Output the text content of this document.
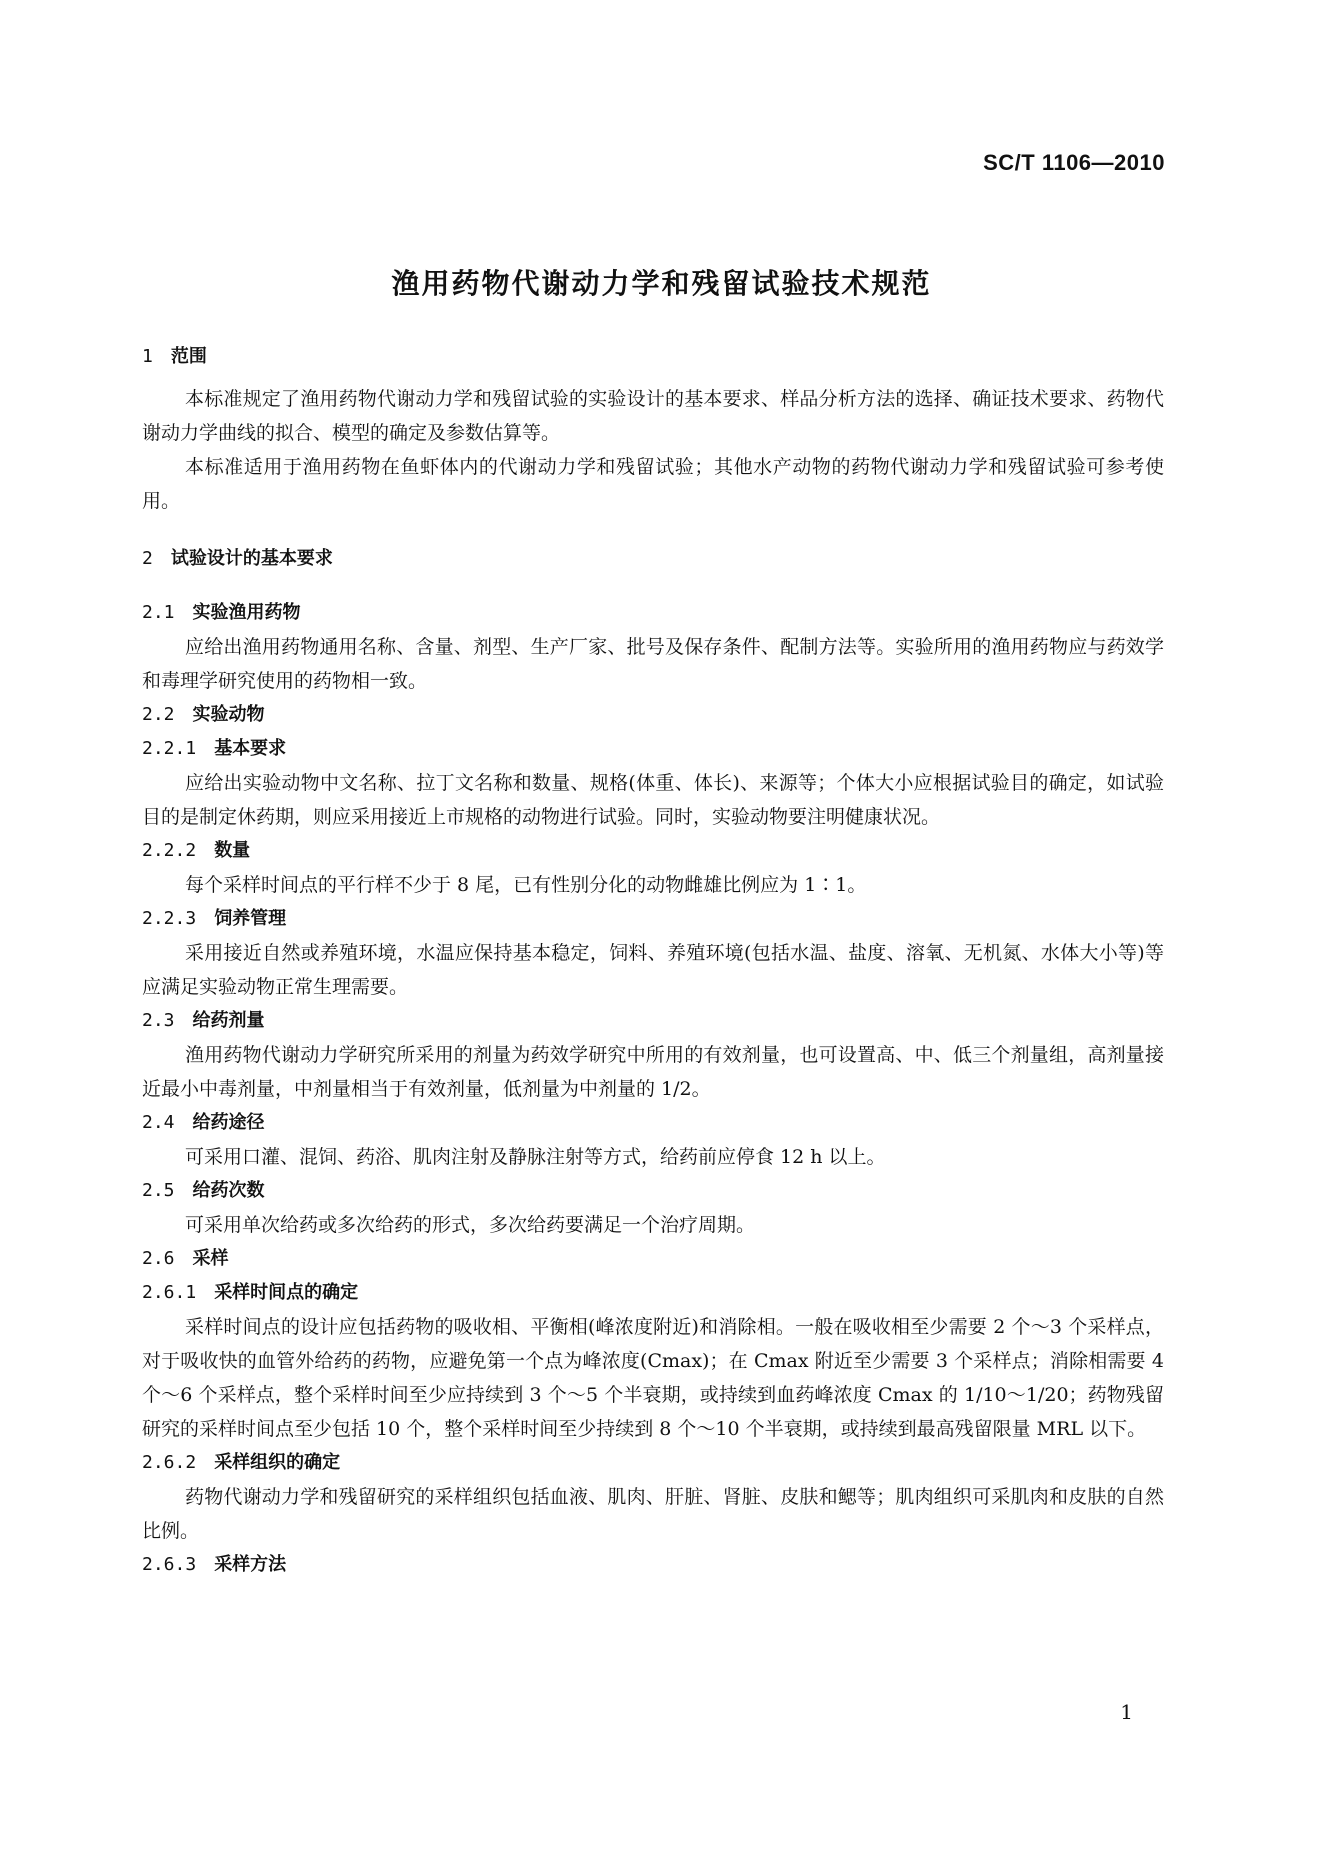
SC/T 1106—2010
渔用药物代谢动力学和残留试验技术规范
1 范围

本标准规定了渔用药物代谢动力学和残留试验的实验设计的基本要求、样品分析方法的选择、确证技术要求、药物代谢动力学曲线的拟合、模型的确定及参数估算等。

本标准适用于渔用药物在鱼虾体内的代谢动力学和残留试验；其他水产动物的药物代谢动力学和残留试验可参考使用。

2 试验设计的基本要求
2.1 实验渔用药物

应给出渔用药物通用名称、含量、剂型、生产厂家、批号及保存条件、配制方法等。实验所用的渔用药物应与药效学和毒理学研究使用的药物相一致。

2.2 实验动物
2.2.1 基本要求

应给出实验动物中文名称、拉丁文名称和数量、规格(体重、体长)、来源等；个体大小应根据试验目的确定，如试验目的是制定休药期，则应采用接近上市规格的动物进行试验。同时，实验动物要注明健康状况。

2.2.2 数量

每个采样时间点的平行样不少于 8 尾，已有性别分化的动物雌雄比例应为 1∶1。

2.2.3 饲养管理

采用接近自然或养殖环境，水温应保持基本稳定，饲料、养殖环境(包括水温、盐度、溶氧、无机氮、水体大小等)等应满足实验动物正常生理需要。

2.3 给药剂量

渔用药物代谢动力学研究所采用的剂量为药效学研究中所用的有效剂量，也可设置高、中、低三个剂量组，高剂量接近最小中毒剂量，中剂量相当于有效剂量，低剂量为中剂量的 1/2。

2.4 给药途径

可采用口灌、混饲、药浴、肌肉注射及静脉注射等方式，给药前应停食 12 h 以上。

2.5 给药次数

可采用单次给药或多次给药的形式，多次给药要满足一个治疗周期。

2.6 采样
2.6.1 采样时间点的确定

采样时间点的设计应包括药物的吸收相、平衡相(峰浓度附近)和消除相。一般在吸收相至少需要 2 个～3 个采样点，对于吸收快的血管外给药的药物，应避免第一个点为峰浓度(Cmax)；在 Cmax 附近至少需要 3 个采样点；消除相需要 4 个～6 个采样点，整个采样时间至少应持续到 3 个～5 个半衰期，或持续到血药峰浓度 Cmax 的 1/10～1/20；药物残留研究的采样时间点至少包括 10 个，整个采样时间至少持续到 8 个～10 个半衰期，或持续到最高残留限量 MRL 以下。

2.6.2 采样组织的确定

药物代谢动力学和残留研究的采样组织包括血液、肌肉、肝脏、肾脏、皮肤和鳃等；肌肉组织可采肌肉和皮肤的自然比例。

2.6.3 采样方法
1
